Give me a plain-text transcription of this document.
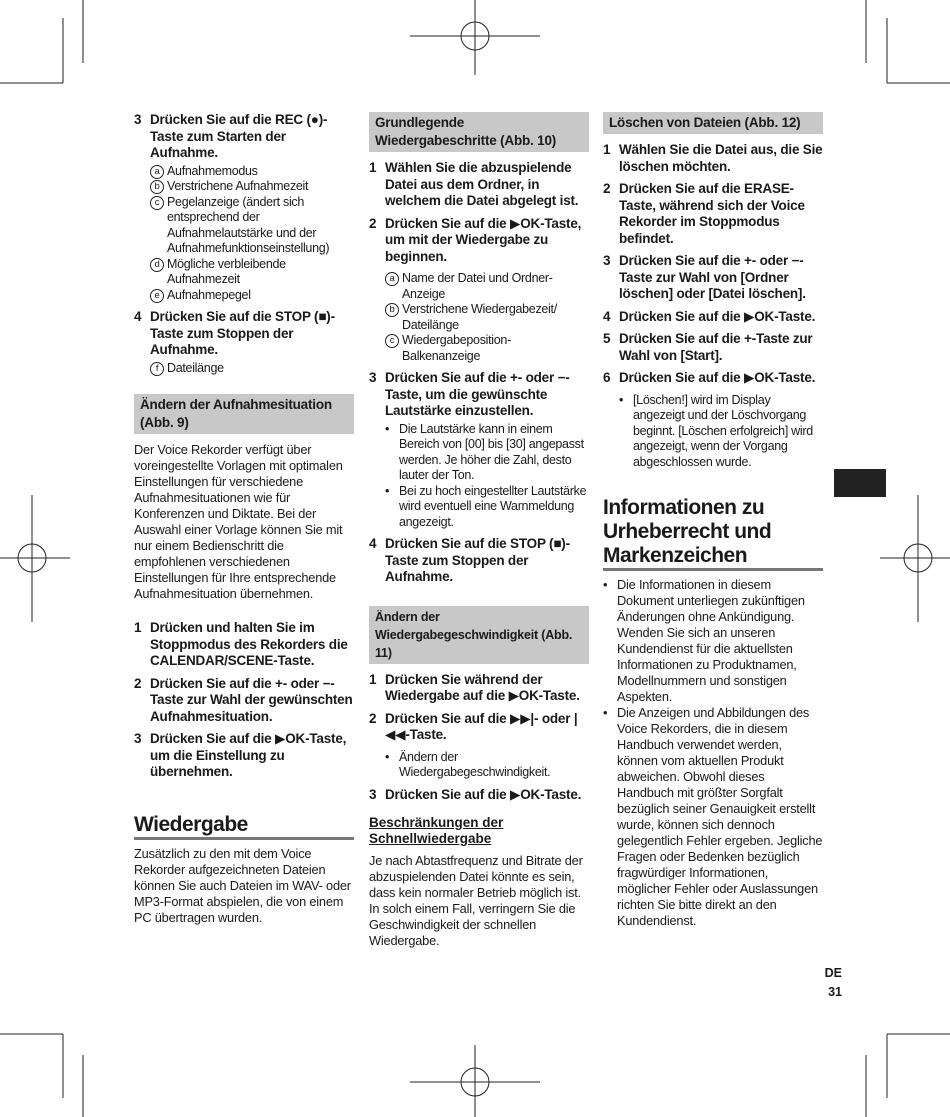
3 Drücken Sie auf die REC (●)-Taste zum Starten der Aufnahme.
a Aufnahmemodus
b Verstrichene Aufnahmezeit
c Pegelanzeige (ändert sich entsprechend der Aufnahmelautstärke und der Aufnahmefunktionseinstellung)
d Mögliche verbleibende Aufnahmezeit
e Aufnahmepegel
4 Drücken Sie auf die STOP (■)-Taste zum Stoppen der Aufnahme.
f Dateilänge
Ändern der Aufnahmesituation (Abb. 9)
Der Voice Rekorder verfügt über voreingestellte Vorlagen mit optimalen Einstellungen für verschiedene Aufnahmesituationen wie für Konferenzen und Diktate. Bei der Auswahl einer Vorlage können Sie mit nur einem Bedienschritt die empfohlenen verschiedenen Einstellungen für Ihre entsprechende Aufnahmesituation übernehmen.
1 Drücken und halten Sie im Stoppmodus des Rekorders die CALENDAR/SCENE-Taste.
2 Drücken Sie auf die +- oder −-Taste zur Wahl der gewünschten Aufnahmesituation.
3 Drücken Sie auf die ▶OK-Taste, um die Einstellung zu übernehmen.
Wiedergabe
Zusätzlich zu den mit dem Voice Rekorder aufgezeichneten Dateien können Sie auch Dateien im WAV- oder MP3-Format abspielen, die von einem PC übertragen wurden.
Grundlegende Wiedergabeschritte (Abb. 10)
1 Wählen Sie die abzuspielende Datei aus dem Ordner, in welchem die Datei abgelegt ist.
2 Drücken Sie auf die ▶OK-Taste, um mit der Wiedergabe zu beginnen.
a Name der Datei und Ordner-Anzeige
b Verstrichene Wiedergabezeit/ Dateilänge
c Wiedergabeposition-Balkenanzeige
3 Drücken Sie auf die +- oder −-Taste, um die gewünschte Lautstärke einzustellen.
• Die Lautstärke kann in einem Bereich von [00] bis [30] angepasst werden. Je höher die Zahl, desto lauter der Ton.
• Bei zu hoch eingestellter Lautstärke wird eventuell eine Warnmeldung angezeigt.
4 Drücken Sie auf die STOP (■)-Taste zum Stoppen der Aufnahme.
Ändern der Wiedergabegeschwindigkeit (Abb. 11)
1 Drücken Sie während der Wiedergabe auf die ▶OK-Taste.
2 Drücken Sie auf die ▶▶|- oder |◀◀-Taste.
• Ändern der Wiedergabegeschwindigkeit.
3 Drücken Sie auf die ▶OK-Taste.
Beschränkungen der Schnellwiedergabe
Je nach Abtastfrequenz und Bitrate der abzuspielenden Datei könnte es sein, dass kein normaler Betrieb möglich ist.
In solch einem Fall, verringern Sie die Geschwindigkeit der schnellen Wiedergabe.
Löschen von Dateien (Abb. 12)
1 Wählen Sie die Datei aus, die Sie löschen möchten.
2 Drücken Sie auf die ERASE-Taste, während sich der Voice Rekorder im Stoppmodus befindet.
3 Drücken Sie auf die +- oder −-Taste zur Wahl von [Ordner löschen] oder [Datei löschen].
4 Drücken Sie auf die ▶OK-Taste.
5 Drücken Sie auf die +-Taste zur Wahl von [Start].
6 Drücken Sie auf die ▶OK-Taste.
• [Löschen!] wird im Display angezeigt und der Löschvorgang beginnt. [Löschen erfolgreich] wird angezeigt, wenn der Vorgang abgeschlossen wurde.
Informationen zu Urheberrecht und Markenzeichen
• Die Informationen in diesem Dokument unterliegen zukünftigen Änderungen ohne Ankündigung. Wenden Sie sich an unseren Kundendienst für die aktuellsten Informationen zu Produktnamen, Modellnummern und sonstigen Aspekten.
• Die Anzeigen und Abbildungen des Voice Rekorders, die in diesem Handbuch verwendet werden, können vom aktuellen Produkt abweichen. Obwohl dieses Handbuch mit größter Sorgfalt bezüglich seiner Genauigkeit erstellt wurde, können sich dennoch gelegentlich Fehler ergeben. Jegliche Fragen oder Bedenken bezüglich fragwürdiger Informationen, möglicher Fehler oder Auslassungen richten Sie bitte direkt an den Kundendienst.
DE
31
